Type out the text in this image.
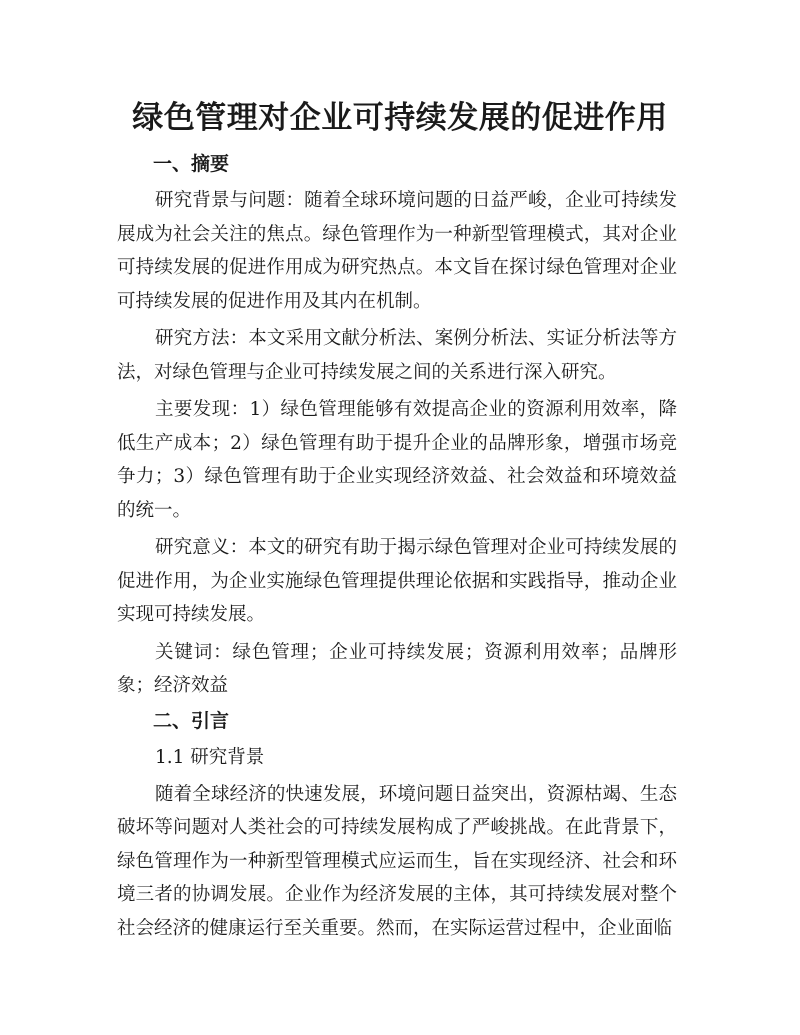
绿色管理对企业可持续发展的促进作用
一、摘要

研究背景与问题：随着全球环境问题的日益严峻，企业可持续发展成为社会关注的焦点。绿色管理作为一种新型管理模式，其对企业可持续发展的促进作用成为研究热点。本文旨在探讨绿色管理对企业可持续发展的促进作用及其内在机制。

研究方法：本文采用文献分析法、案例分析法、实证分析法等方法，对绿色管理与企业可持续发展之间的关系进行深入研究。

主要发现：1）绿色管理能够有效提高企业的资源利用效率，降低生产成本；2）绿色管理有助于提升企业的品牌形象，增强市场竞争力；3）绿色管理有助于企业实现经济效益、社会效益和环境效益的统一。

研究意义：本文的研究有助于揭示绿色管理对企业可持续发展的促进作用，为企业实施绿色管理提供理论依据和实践指导，推动企业实现可持续发展。

关键词：绿色管理；企业可持续发展；资源利用效率；品牌形象；经济效益

二、引言
1.1 研究背景

随着全球经济的快速发展，环境问题日益突出，资源枯竭、生态破坏等问题对人类社会的可持续发展构成了严峻挑战。在此背景下，绿色管理作为一种新型管理模式应运而生，旨在实现经济、社会和环境三者的协调发展。企业作为经济发展的主体，其可持续发展对整个社会经济的健康运行至关重要。然而，在实际运营过程中，企业面临
